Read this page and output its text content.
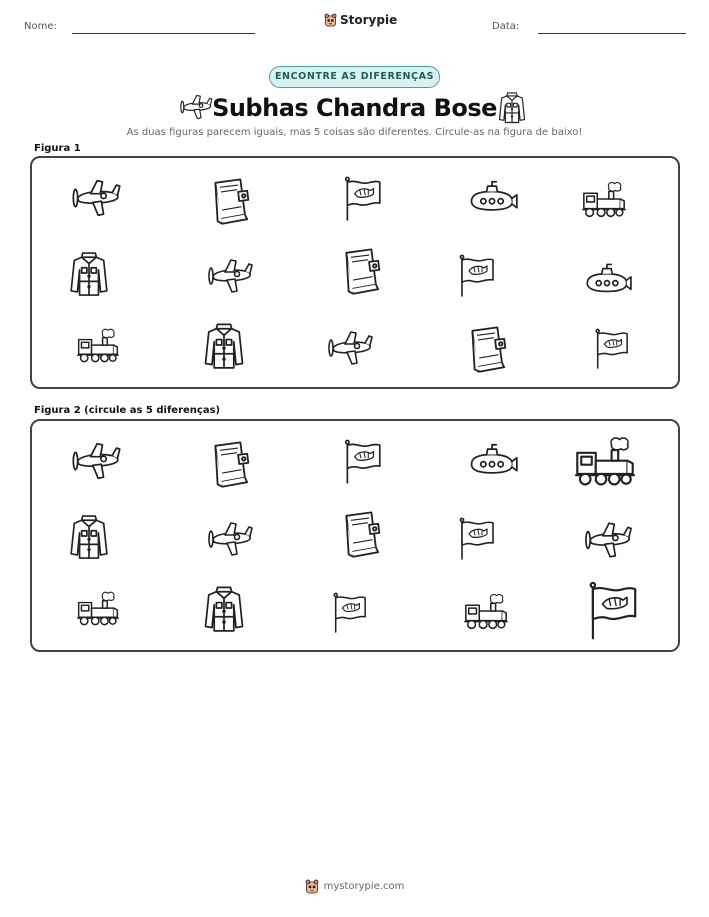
Nome:	Storypie	Data:
ENCONTRE AS DIFERENÇAS
Subhas Chandra Bose
As duas figuras parecem iguais, mas 5 coisas são diferentes. Circule-as na figura de baixo!
Figura 1
Figura 2 (circule as 5 diferenças)
mystorypie.com
